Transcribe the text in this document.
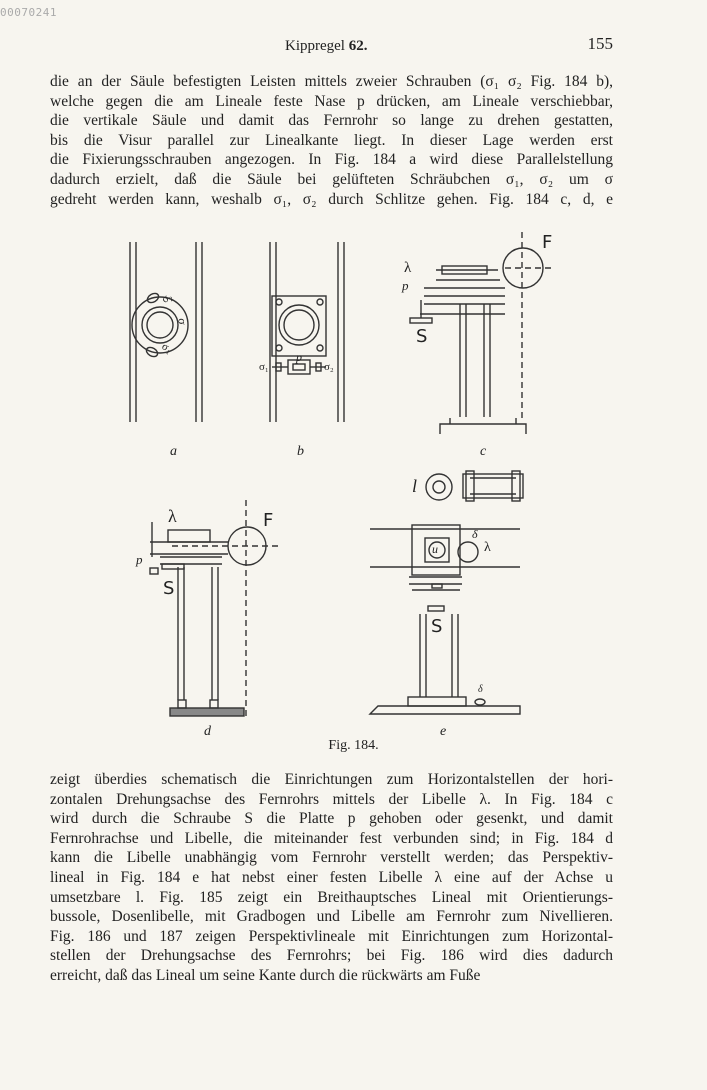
00070241
Kippregel 62.	155
die an der Säule befestigten Leisten mittels zweier Schrauben (σ₁ σ₂ Fig. 184 b),
welche gegen die am Lineale feste Nase p drücken, am Lineale verschiebbar,
die vertikale Säule und damit das Fernrohr so lange zu drehen gestatten,
bis die Visur parallel zur Linealkante liegt. In dieser Lage werden erst
die Fixierungsschrauben angezogen. In Fig. 184 a wird diese Parallelstellung
dadurch erzielt, daß die Säule bei gelüfteten Schräubchen σ₁, σ₂ um σ
gedreht werden kann, weshalb σ₁, σ₂ durch Schlitze gehen. Fig. 184 c, d, e
a	b	c
d	e
σ₂
σ₁
σ
p
σ₁	σ₂
F
λ
p
S
l
λ	F
p
S
u
δ
λ
S
δ
Fig. 184.
zeigt überdies schematisch die Einrichtungen zum Horizontalstellen der hori-
zontalen Drehungsachse des Fernrohrs mittels der Libelle λ. In Fig. 184 c
wird durch die Schraube S die Platte p gehoben oder gesenkt, und damit
Fernrohrachse und Libelle, die miteinander fest verbunden sind; in Fig. 184 d
kann die Libelle unabhängig vom Fernrohr verstellt werden; das Perspektiv-
lineal in Fig. 184 e hat nebst einer festen Libelle λ eine auf der Achse u
umsetzbare l. Fig. 185 zeigt ein Breithauptsches Lineal mit Orientierungs-
bussole, Dosenlibelle, mit Gradbogen und Libelle am Fernrohr zum Nivellieren.
Fig. 186 und 187 zeigen Perspektivlineale mit Einrichtungen zum Horizontal-
stellen der Drehungsachse des Fernrohrs; bei Fig. 186 wird dies dadurch
erreicht, daß das Lineal um seine Kante durch die rückwärts am Fuße
